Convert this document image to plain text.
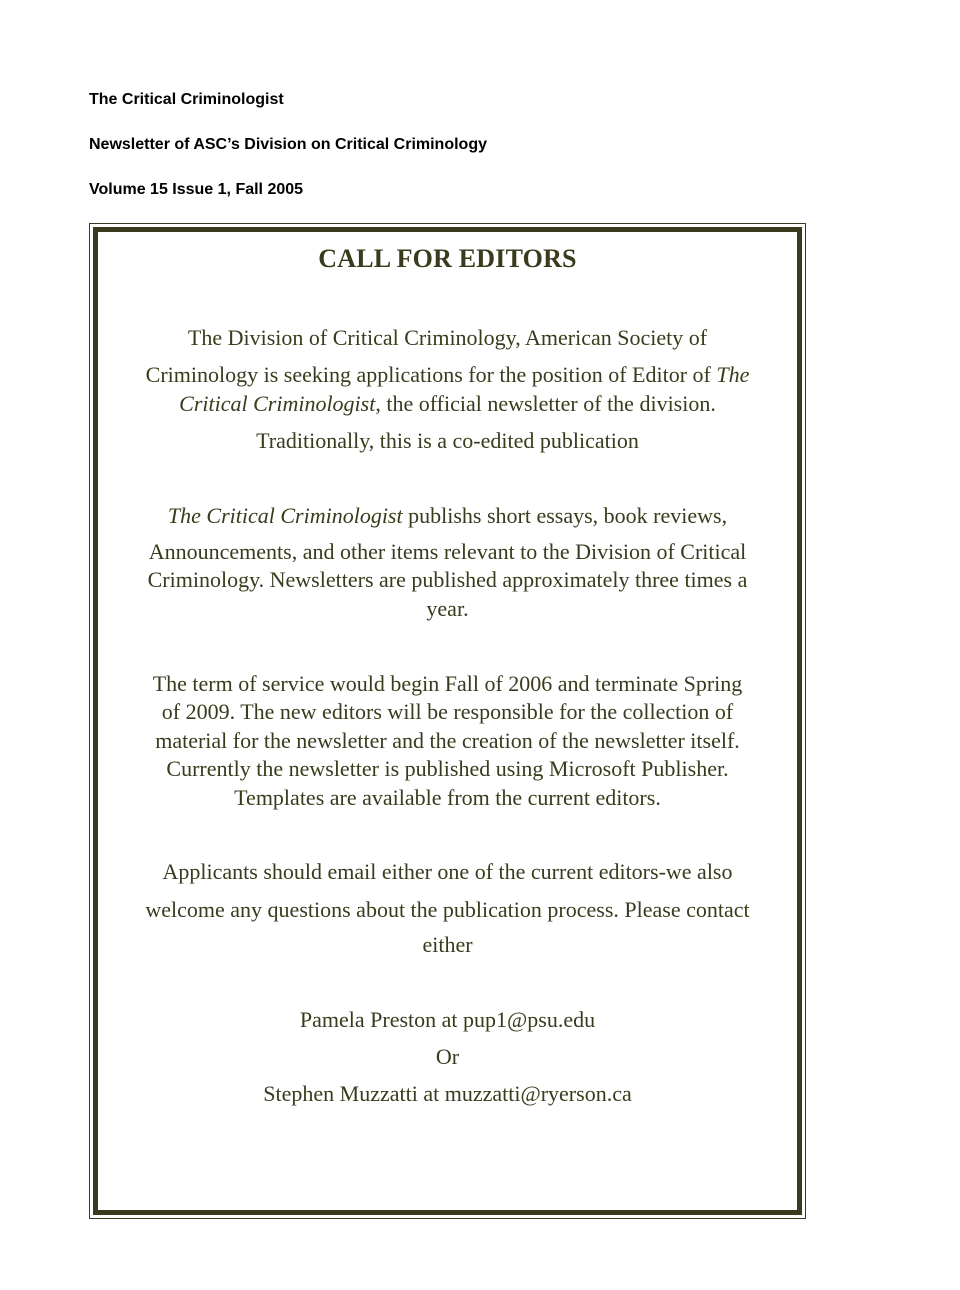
The Critical Criminologist

Newsletter of ASC’s Division on Critical Criminology

Volume 15 Issue 1, Fall 2005

CALL FOR EDITORS
The Division of Critical Criminology, American Society of
Criminology is seeking applications for the position of Editor of The
Critical Criminologist, the official newsletter of the division.
Traditionally, this is a co-edited publication
The Critical Criminologist publishs short essays, book reviews,
Announcements, and other items relevant to the Division of Critical
Criminology. Newsletters are published approximately three times a
year.
The term of service would begin Fall of 2006 and terminate Spring
of 2009. The new editors will be responsible for the collection of
material for the newsletter and the creation of the newsletter itself.
Currently the newsletter is published using Microsoft Publisher.
Templates are available from the current editors.
Applicants should email either one of the current editors-we also
welcome any questions about the publication process. Please contact
either
Pamela Preston at pup1@psu.edu
Or
Stephen Muzzatti at muzzatti@ryerson.ca
